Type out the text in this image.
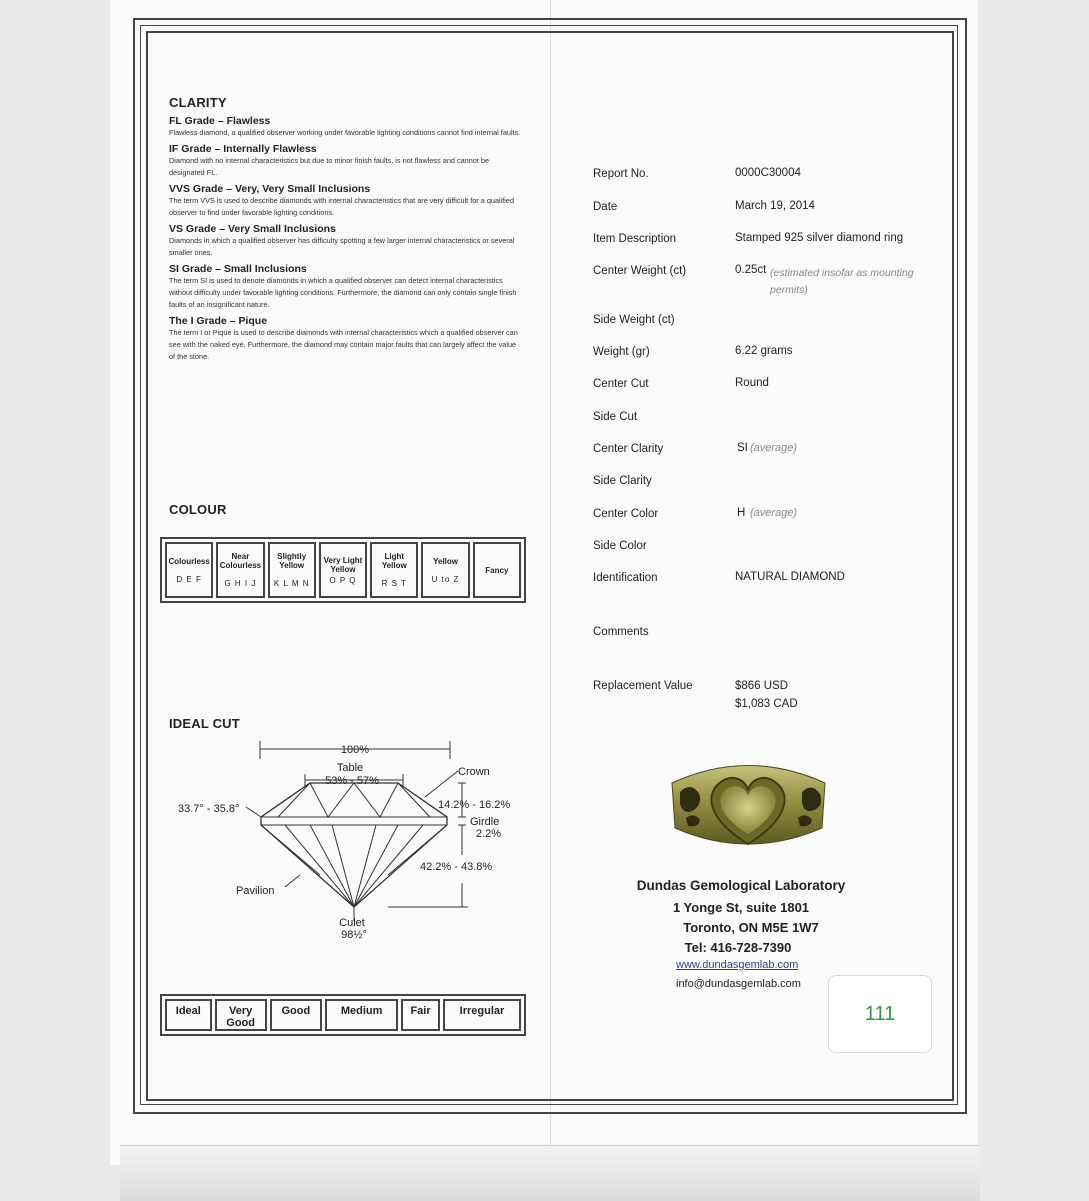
CLARITY
FL Grade – Flawless
Flawless diamond, a qualified observer working under favorable lighting conditions cannot find internal faults.
IF Grade – Internally Flawless
Diamond with no internal characteristics but due to minor finish faults, is not flawless and cannot be designated FL.
VVS Grade – Very, Very Small Inclusions
The term VVS is used to describe diamonds with internal characteristics that are very difficult for a qualified observer to find under favorable lighting conditions.
VS Grade – Very Small Inclusions
Diamonds in which a qualified observer has difficulty spotting a few larger internal characteristics or several smaller ones.
SI Grade – Small Inclusions
The term SI is used to denote diamonds in which a qualified observer can detect internal characteristics without difficulty under favorable lighting conditions. Furthermore, the diamond can only contain single finish faults of an insignificant nature.
The I Grade – Pique
The term I or Pique is used to describe diamonds with internal characteristics which a qualified observer can see with the naked eye. Furthermore, the diamond may contain major faults that can largely affect the value of the stone.
COLOUR
Colourless
D E F

Near Colourless
G H I J

Slightly Yellow
K L M N

Very Light Yellow
O P Q

Light Yellow
R S T

Yellow
U to Z

Fancy
IDEAL CUT
100%
Table
53% - 57%
Crown
33.7° - 35.8°	14.2% - 16.2%
Girdle
2.2%
42.2% - 43.8%
Pavilion
Culet
98½°
Ideal	Very Good	Good	Medium	Fair	Irregular
Report No.	0000C30004
Date	March 19, 2014
Item Description	Stamped 925 silver diamond ring
Center Weight (ct)	0.25ct (estimated insofar as mounting permits)
Side Weight (ct)
Weight (gr)	6.22 grams
Center Cut	Round
Side Cut
Center Clarity	SI (average)
Side Clarity
Center Color	H (average)
Side Color
Identification	NATURAL DIAMOND
Comments
Replacement Value	$866 USD
$1,083 CAD
Dundas Gemological Laboratory
1 Yonge St, suite 1801
Toronto, ON M5E 1W7
Tel: 416-728-7390
www.dundasgemlab.com
info@dundasgemlab.com
111
